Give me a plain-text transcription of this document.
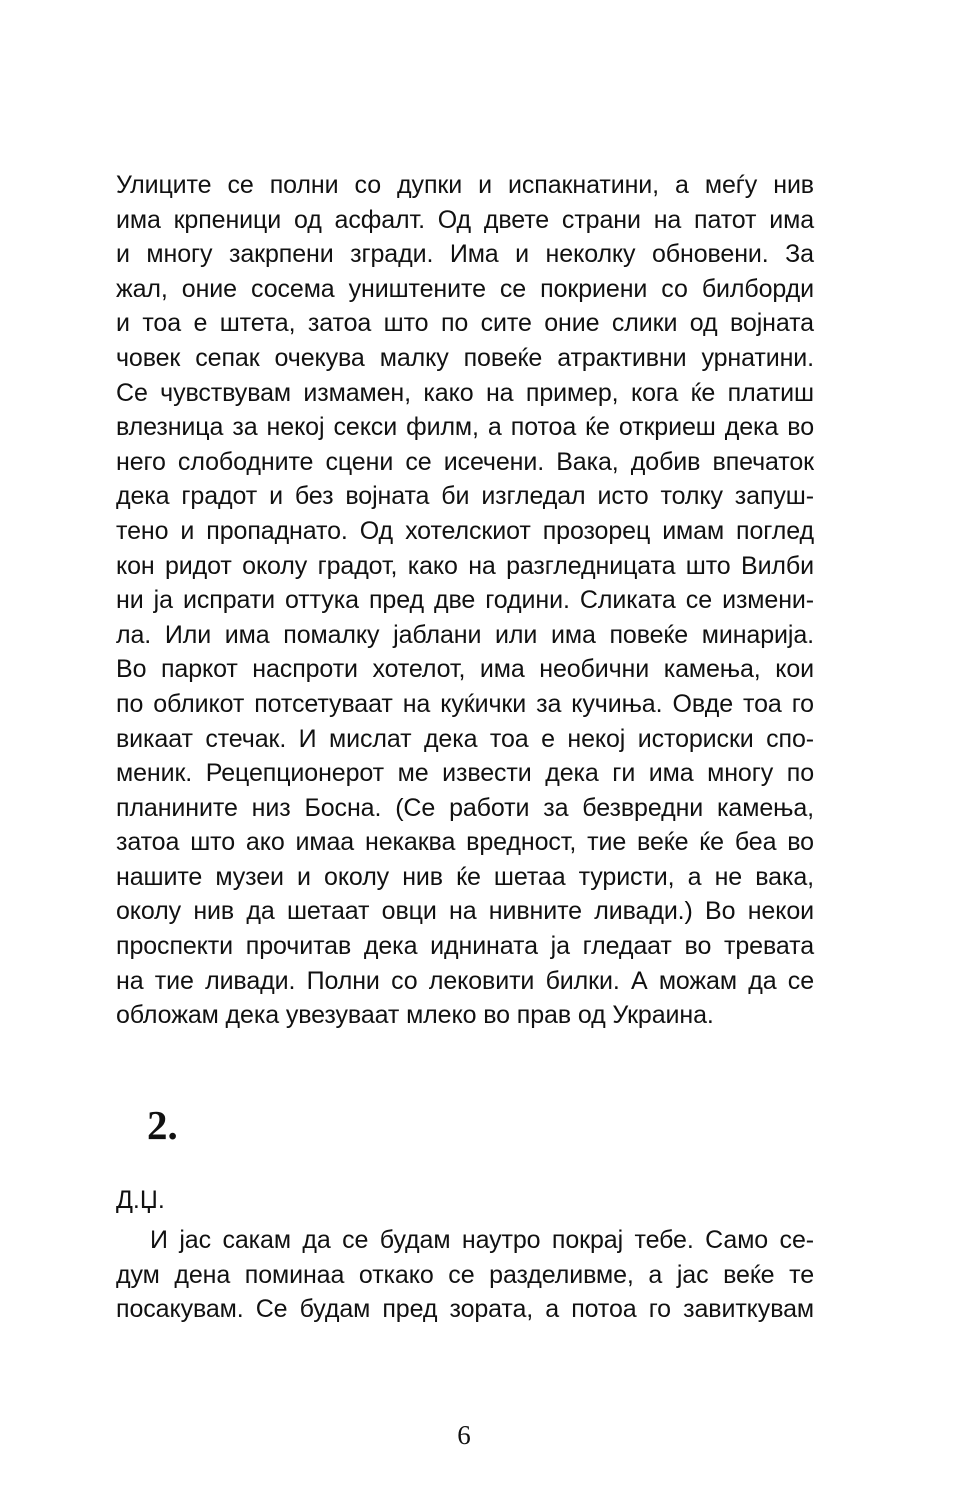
Улиците се полни со дупки и испакнатини, а меѓу нив
има крпеници од асфалт. Од двете страни на патот има
и многу закрпени згради. Има и неколку обновени. За
жал, оние сосема уништените се покриени со билборди
и тоа е штета, затоа што по сите оние слики од војната
човек сепак очекува малку повеќе атрактивни урнатини.
Се чувствувам измамен, како на пример, кога ќе платиш
влезница за некој секси филм, а потоа ќе откриеш дека во
него слободните сцени се исечени. Вака, добив впечаток
дека градот и без војната би изгледал исто толку запуш-
тено и пропаднато. Од хотелскиот прозорец имам поглед
кон ридот околу градот, како на разгледницата што Вилби
ни ја испрати оттука пред две години. Сликата се измени-
ла. Или има помалку јаблани или има повеќе минарија.
Во паркот наспроти хотелот, има необични камења, кои
по обликот потсетуваат на куќички за кучиња. Овде тоа го
викаат стечак. И мислат дека тоа е некој историски спо-
меник. Рецепционерот ме извести дека ги има многу по
планините низ Босна. (Се работи за безвредни камења,
затоа што ако имаа некаква вредност, тие веќе ќе беа во
нашите музеи и околу нив ќе шетаа туристи, а не вака,
околу нив да шетаат овци на нивните ливади.) Во некои
проспекти прочитав дека иднината ја гледаат во тревата
на тие ливади. Полни со лековити билки. А можам да се
обложам дека увезуваат млеко во прав од Украина.
2.
Д.Џ.
И јас сакам да се будам наутро покрај тебе. Само се-
дум дена поминаа откако се разделивме, а јас веќе те
посакувам. Се будам пред зората, а потоа го завиткувам
6
